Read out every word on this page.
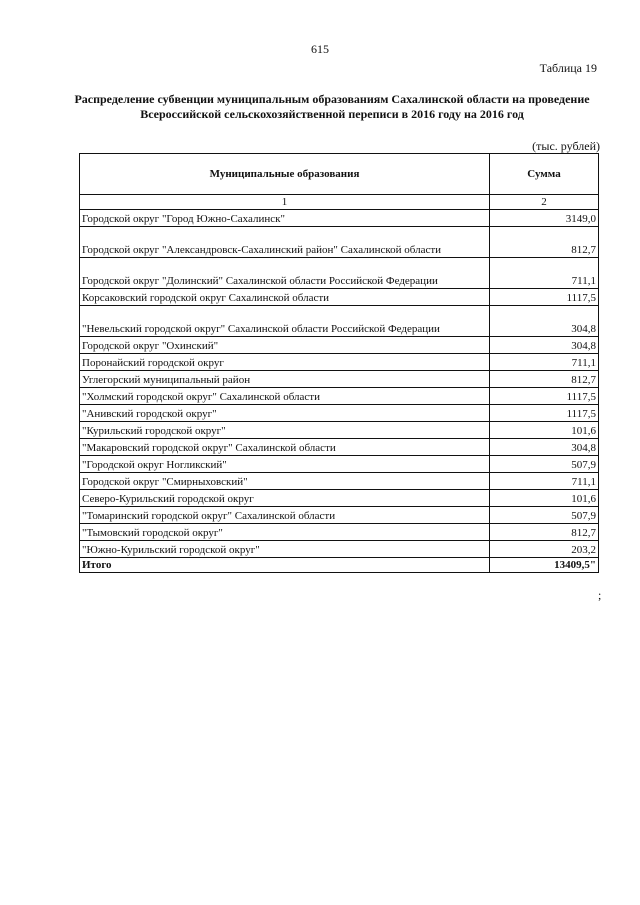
615
Таблица 19
Распределение субвенции муниципальным образованиям Сахалинской области на проведение Всероссийской сельскохозяйственной переписи в 2016 году на 2016 год
(тыс. рублей)
Муниципальные образования	Сумма
1	2
Городской округ "Город Южно-Сахалинск"	3149,0
Городской округ "Александровск-Сахалинский район" Сахалинской области	812,7
Городской округ "Долинский" Сахалинской области Российской Федерации	711,1
Корсаковский городской округ Сахалинской области	1117,5
"Невельский городской округ" Сахалинской области Российской Федерации	304,8
Городской округ "Охинский"	304,8
Поронайский городской округ	711,1
Углегорский муниципальный район	812,7
"Холмский городской округ" Сахалинской области	1117,5
"Анивский городской округ"	1117,5
"Курильский городской округ"	101,6
"Макаровский городской округ" Сахалинской области	304,8
"Городской округ Ногликский"	507,9
Городской округ "Смирныховский"	711,1
Северо-Курильский городской округ	101,6
"Томаринский городской округ" Сахалинской области	507,9
"Тымовский городской округ"	812,7
"Южно-Курильский городской округ"	203,2
Итого	13409,5"
;
